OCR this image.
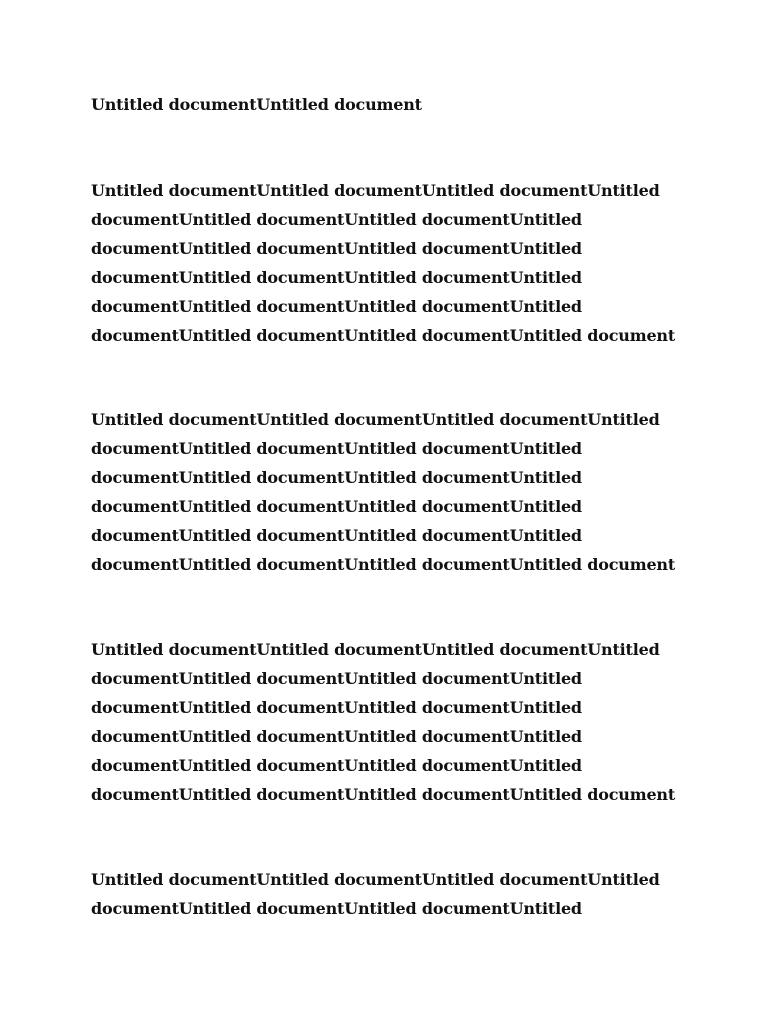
Untitled documentUntitled document

Untitled documentUntitled documentUntitled documentUntitled
documentUntitled documentUntitled documentUntitled
documentUntitled documentUntitled documentUntitled
documentUntitled documentUntitled documentUntitled
documentUntitled documentUntitled documentUntitled
documentUntitled documentUntitled documentUntitled document

Untitled documentUntitled documentUntitled documentUntitled
documentUntitled documentUntitled documentUntitled
documentUntitled documentUntitled documentUntitled
documentUntitled documentUntitled documentUntitled
documentUntitled documentUntitled documentUntitled
documentUntitled documentUntitled documentUntitled document

Untitled documentUntitled documentUntitled documentUntitled
documentUntitled documentUntitled documentUntitled
documentUntitled documentUntitled documentUntitled
documentUntitled documentUntitled documentUntitled
documentUntitled documentUntitled documentUntitled
documentUntitled documentUntitled documentUntitled document

Untitled documentUntitled documentUntitled documentUntitled
documentUntitled documentUntitled documentUntitled
